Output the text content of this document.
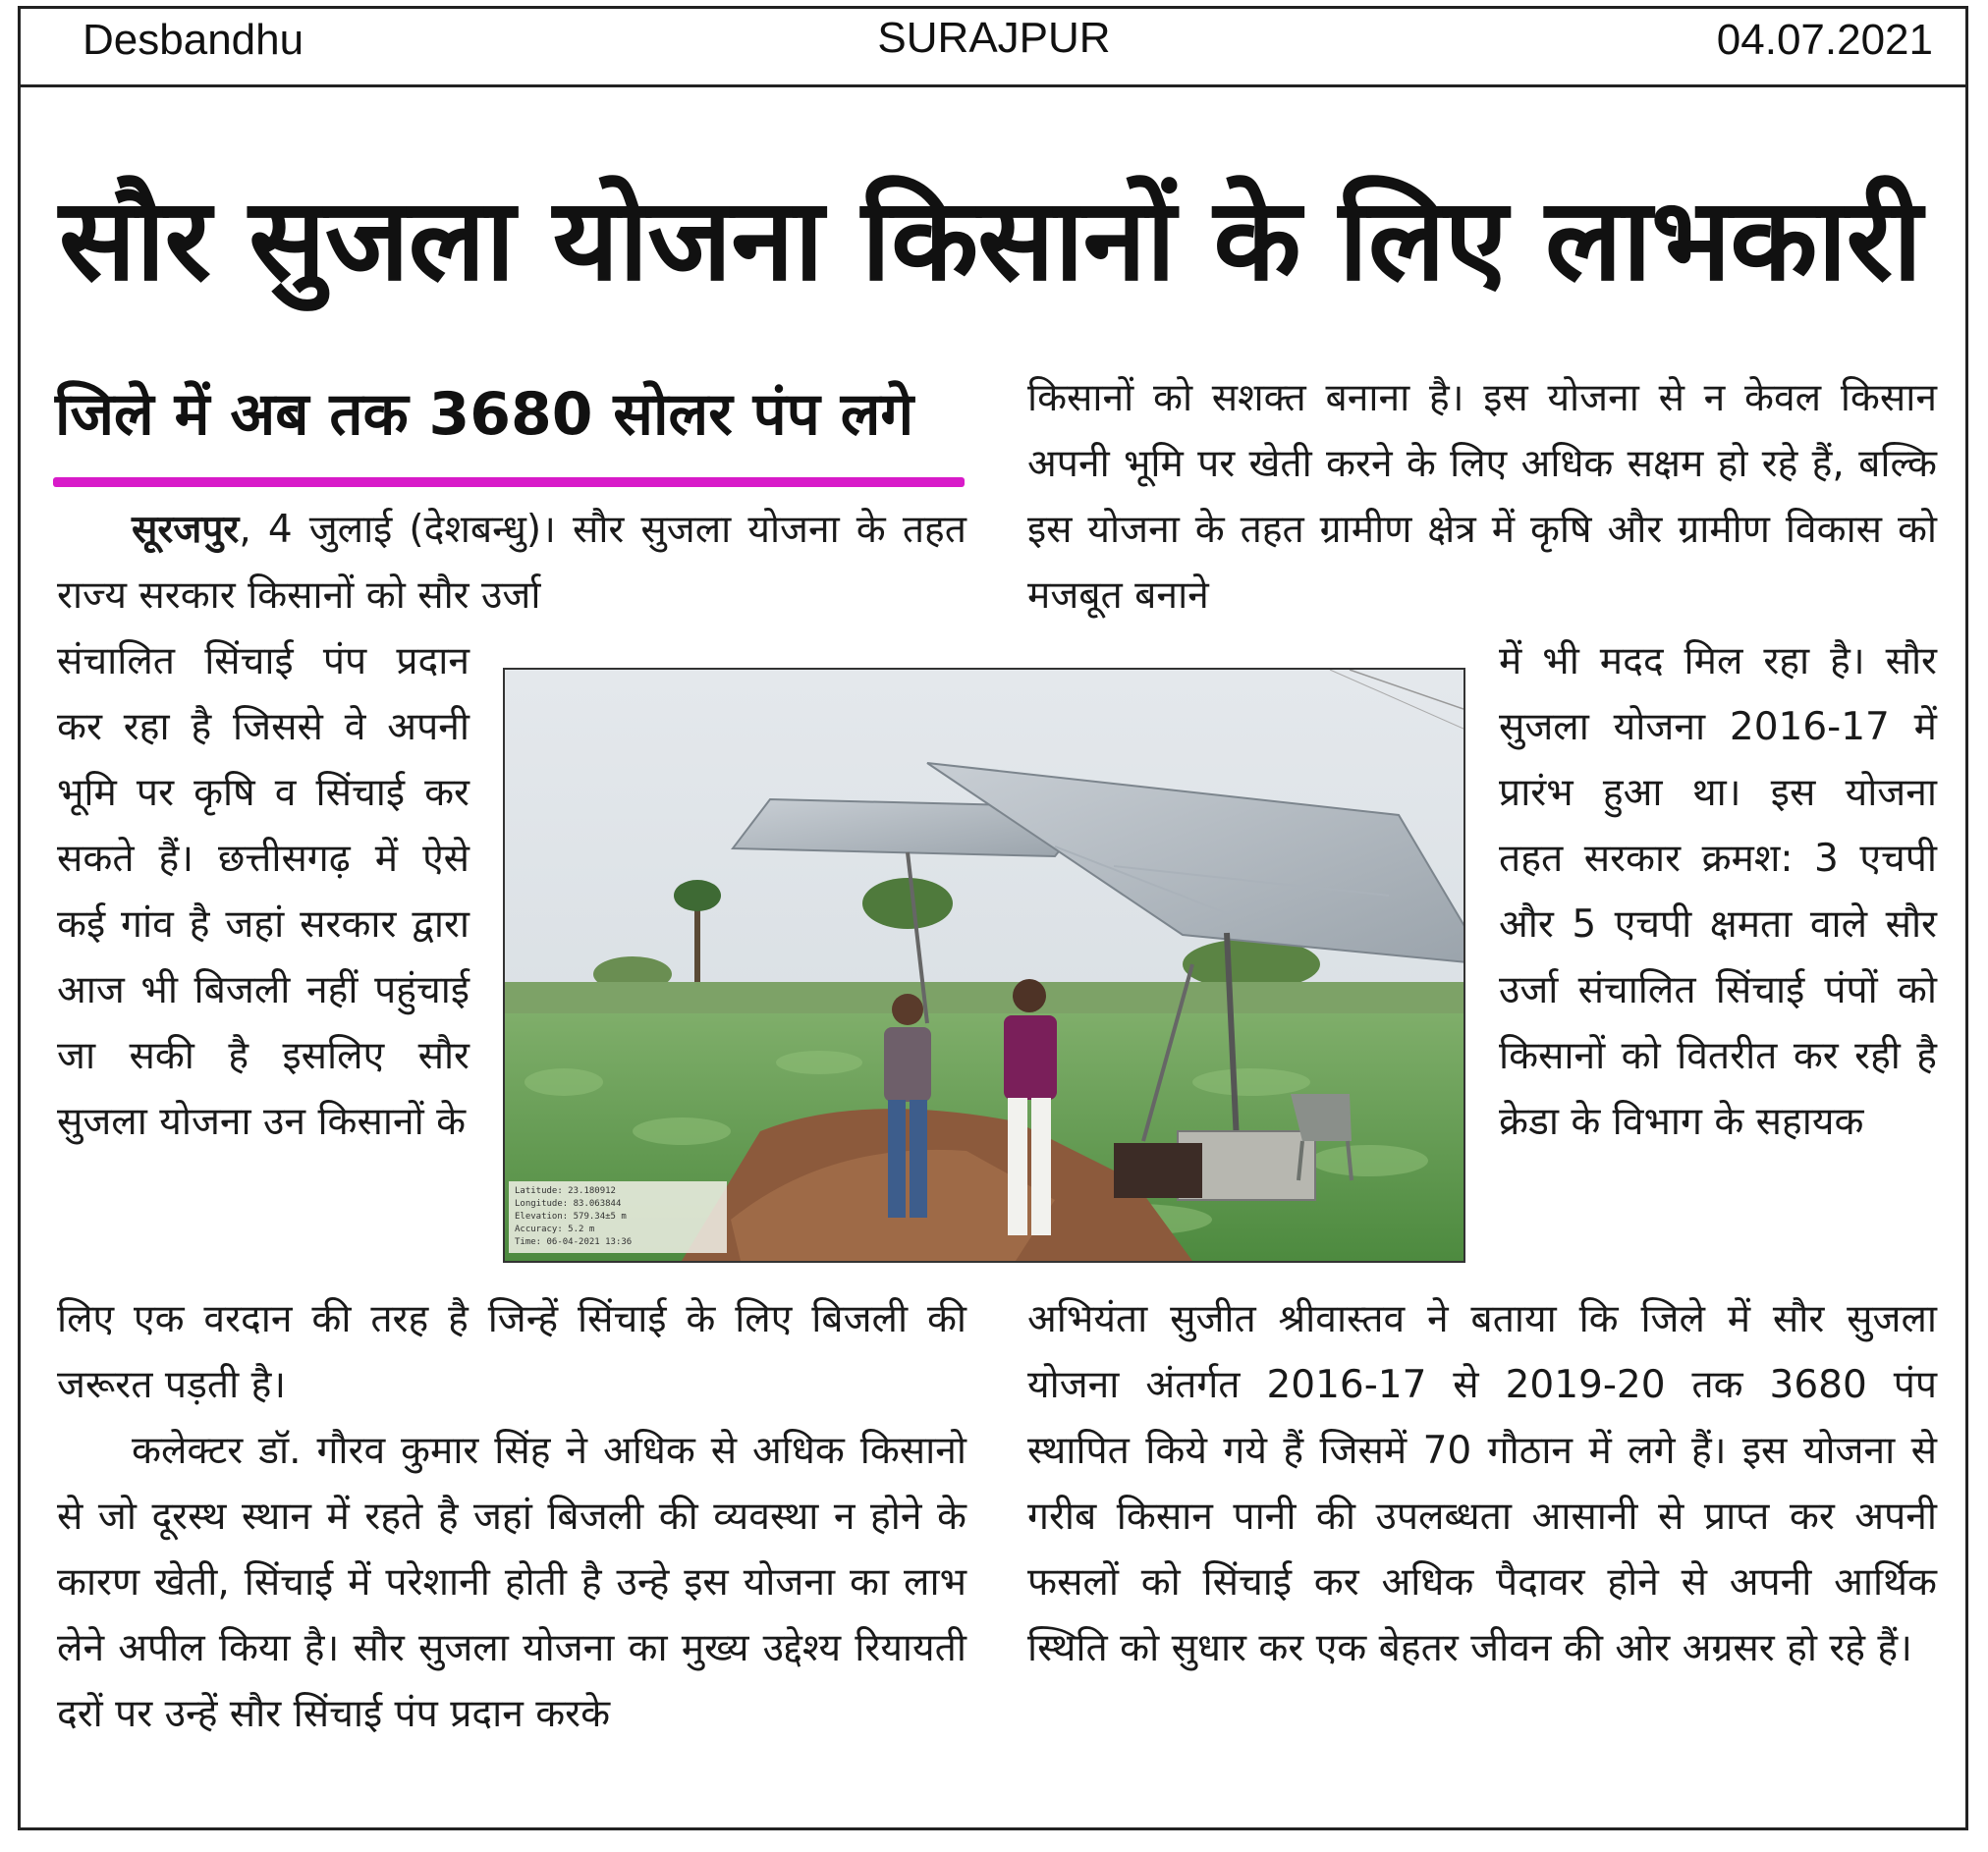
Desbandhu	SURAJPUR	04.07.2021
सौर सुजला योजना किसानों के लिए लाभकारी
जिले में अब तक 3680 सोलर पंप लगे

सूरजपुर, 4 जुलाई (देशबन्धु)। सौर सुजला योजना के तहत राज्य सरकार किसानों को सौर उर्जा

संचालित सिंचाई पंप प्रदान कर रहा है जिससे वे अपनी भूमि पर कृषि व सिंचाई कर सकते हैं। छत्तीसगढ़ में ऐसे कई गांव है जहां सरकार द्वारा आज भी बिजली नहीं पहुंचाई जा सकी है इसलिए सौर सुजला योजना उन किसानों के

लिए एक वरदान की तरह है जिन्हें सिंचाई के लिए बिजली की जरूरत पड़ती है।

कलेक्टर डॉ. गौरव कुमार सिंह ने अधिक से अधिक किसानो से जो दूरस्थ स्थान में रहते है जहां बिजली की व्यवस्था न होने के कारण खेती, सिंचाई में परेशानी होती है उन्हे इस योजना का लाभ लेने अपील किया है। सौर सुजला योजना का मुख्य उद्देश्य रियायती दरों पर उन्हें सौर सिंचाई पंप प्रदान करके

किसानों को सशक्त बनाना है। इस योजना से न केवल किसान अपनी भूमि पर खेती करने के लिए अधिक सक्षम हो रहे हैं, बल्कि इस योजना के तहत ग्रामीण क्षेत्र में कृषि और ग्रामीण विकास को मजबूत बनाने

में भी मदद मिल रहा है। सौर सुजला योजना 2016-17 में प्रारंभ हुआ था। इस योजना तहत सरकार क्रमश: 3 एचपी और 5 एचपी क्षमता वाले सौर उर्जा संचालित सिंचाई पंपों को किसानों को वितरीत कर रही है क्रेडा के विभाग के सहायक

अभियंता सुजीत श्रीवास्तव ने बताया कि जिले में सौर सुजला योजना अंतर्गत 2016-17 से 2019-20 तक 3680 पंप स्थापित किये गये हैं जिसमें 70 गौठान में लगे हैं। इस योजना से गरीब किसान पानी की उपलब्धता आसानी से प्राप्त कर अपनी फसलों को सिंचाई कर अधिक पैदावर होने से अपनी आर्थिक स्थिति को सुधार कर एक बेहतर जीवन की ओर अग्रसर हो रहे हैं।

Latitude: 23.180912
Longitude: 83.063844
Elevation: 579.34±5 m
Accuracy: 5.2 m
Time: 06-04-2021 13:36
